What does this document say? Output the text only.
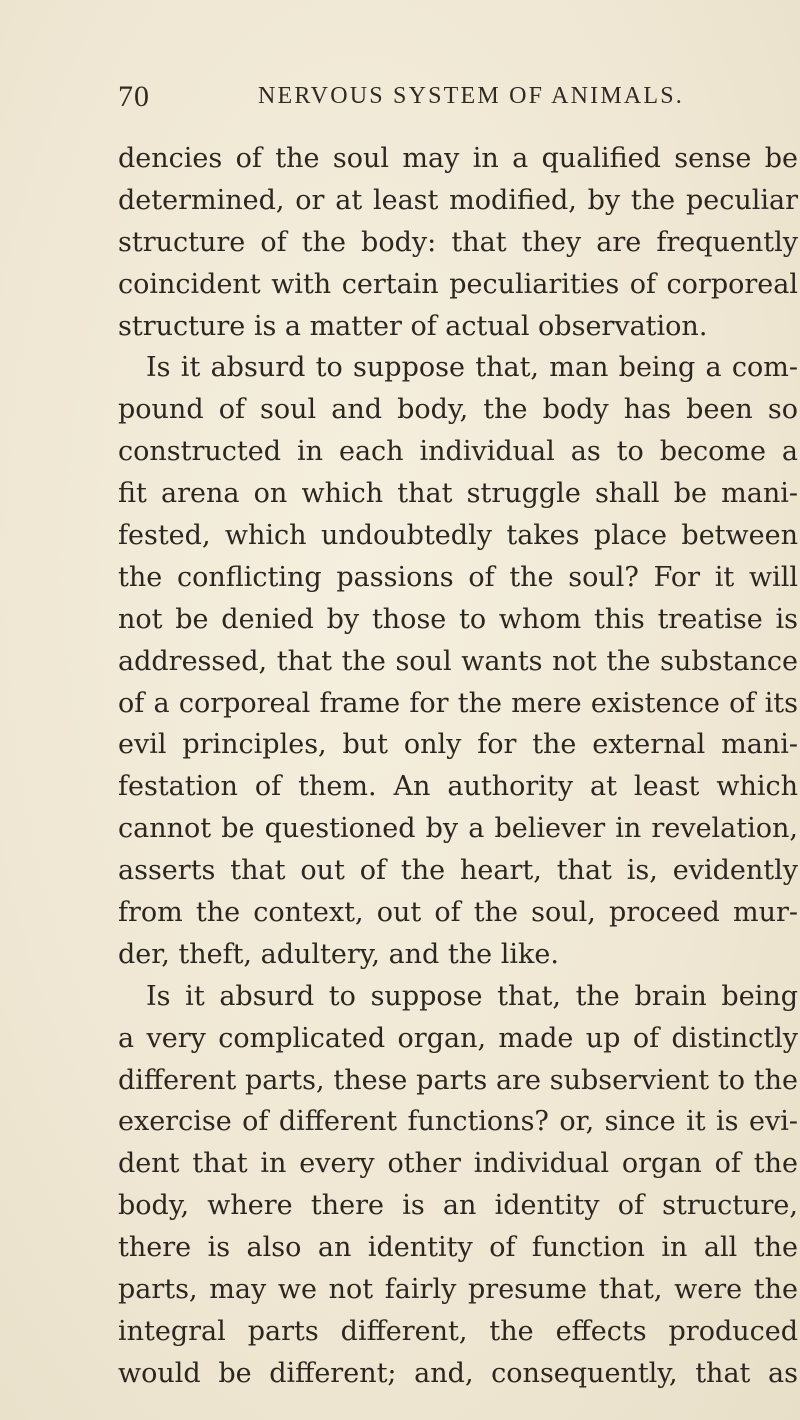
70	NERVOUS SYSTEM OF ANIMALS.
dencies of the soul may in a qualified sense be
determined, or at least modified, by the peculiar
structure of the body: that they are frequently
coincident with certain peculiarities of corporeal
structure is a matter of actual observation.
Is it absurd to suppose that, man being a com-
pound of soul and body, the body has been so
constructed in each individual as to become a
fit arena on which that struggle shall be mani-
fested, which undoubtedly takes place between
the conflicting passions of the soul? For it will
not be denied by those to whom this treatise is
addressed, that the soul wants not the substance
of a corporeal frame for the mere existence of its
evil principles, but only for the external mani-
festation of them. An authority at least which
cannot be questioned by a believer in revelation,
asserts that out of the heart, that is, evidently
from the context, out of the soul, proceed mur-
der, theft, adultery, and the like.
Is it absurd to suppose that, the brain being
a very complicated organ, made up of distinctly
different parts, these parts are subservient to the
exercise of different functions? or, since it is evi-
dent that in every other individual organ of the
body, where there is an identity of structure,
there is also an identity of function in all the
parts, may we not fairly presume that, were the
integral parts different, the effects produced
would be different; and, consequently, that as
